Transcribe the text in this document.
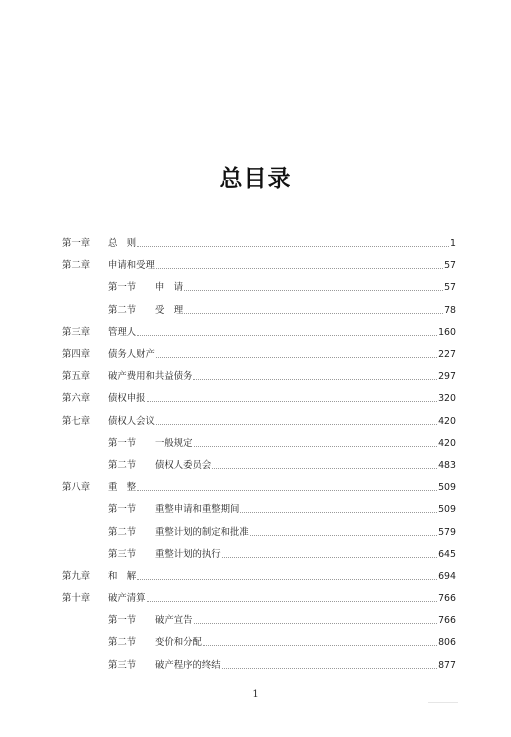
总目录
第一章	总　则	1
第二章	申请和受理	57
第一节	申　请	57
第二节	受　理	78
第三章	管理人	160
第四章	债务人财产	227
第五章	破产费用和共益债务	297
第六章	债权申报	320
第七章	债权人会议	420
第一节	一般规定	420
第二节	债权人委员会	483
第八章	重　整	509
第一节	重整申请和重整期间	509
第二节	重整计划的制定和批准	579
第三节	重整计划的执行	645
第九章	和　解	694
第十章	破产清算	766
第一节	破产宣告	766
第二节	变价和分配	806
第三节	破产程序的终结	877
1
